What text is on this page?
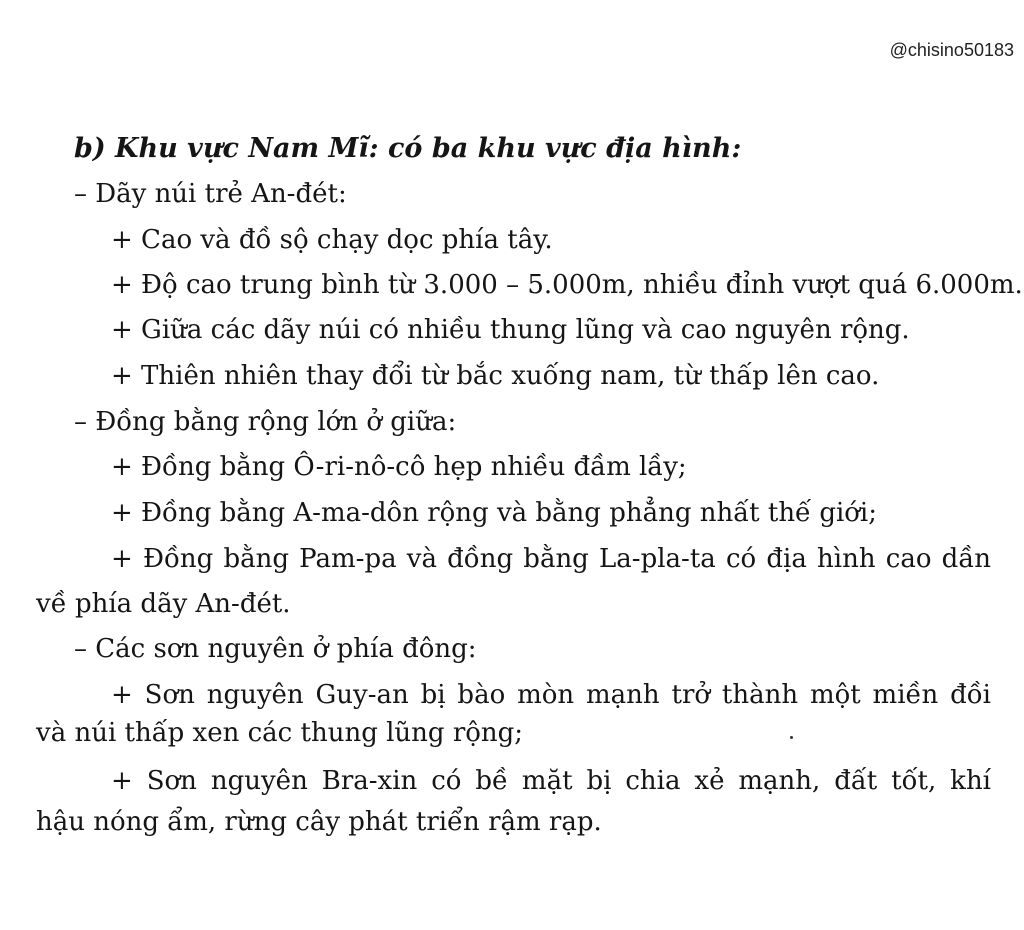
@chisino50183
b) Khu vực Nam Mĩ: có ba khu vực địa hình:
– Dãy núi trẻ An-đét:
+ Cao và đồ sộ chạy dọc phía tây.
+ Độ cao trung bình từ 3.000 – 5.000m, nhiều đỉnh vượt quá 6.000m.
+ Giữa các dãy núi có nhiều thung lũng và cao nguyên rộng.
+ Thiên nhiên thay đổi từ bắc xuống nam, từ thấp lên cao.
– Đồng bằng rộng lớn ở giữa:
+ Đồng bằng Ô-ri-nô-cô hẹp nhiều đầm lầy;
+ Đồng bằng A-ma-dôn rộng và bằng phẳng nhất thế giới;
+ Đồng bằng Pam-pa và đồng bằng La-pla-ta có địa hình cao dần
về phía dãy An-đét.
– Các sơn nguyên ở phía đông:
+ Sơn nguyên Guy-an bị bào mòn mạnh trở thành một miền đồi
và núi thấp xen các thung lũng rộng;
+ Sơn nguyên Bra-xin có bề mặt bị chia xẻ mạnh, đất tốt, khí
hậu nóng ẩm, rừng cây phát triển rậm rạp.
